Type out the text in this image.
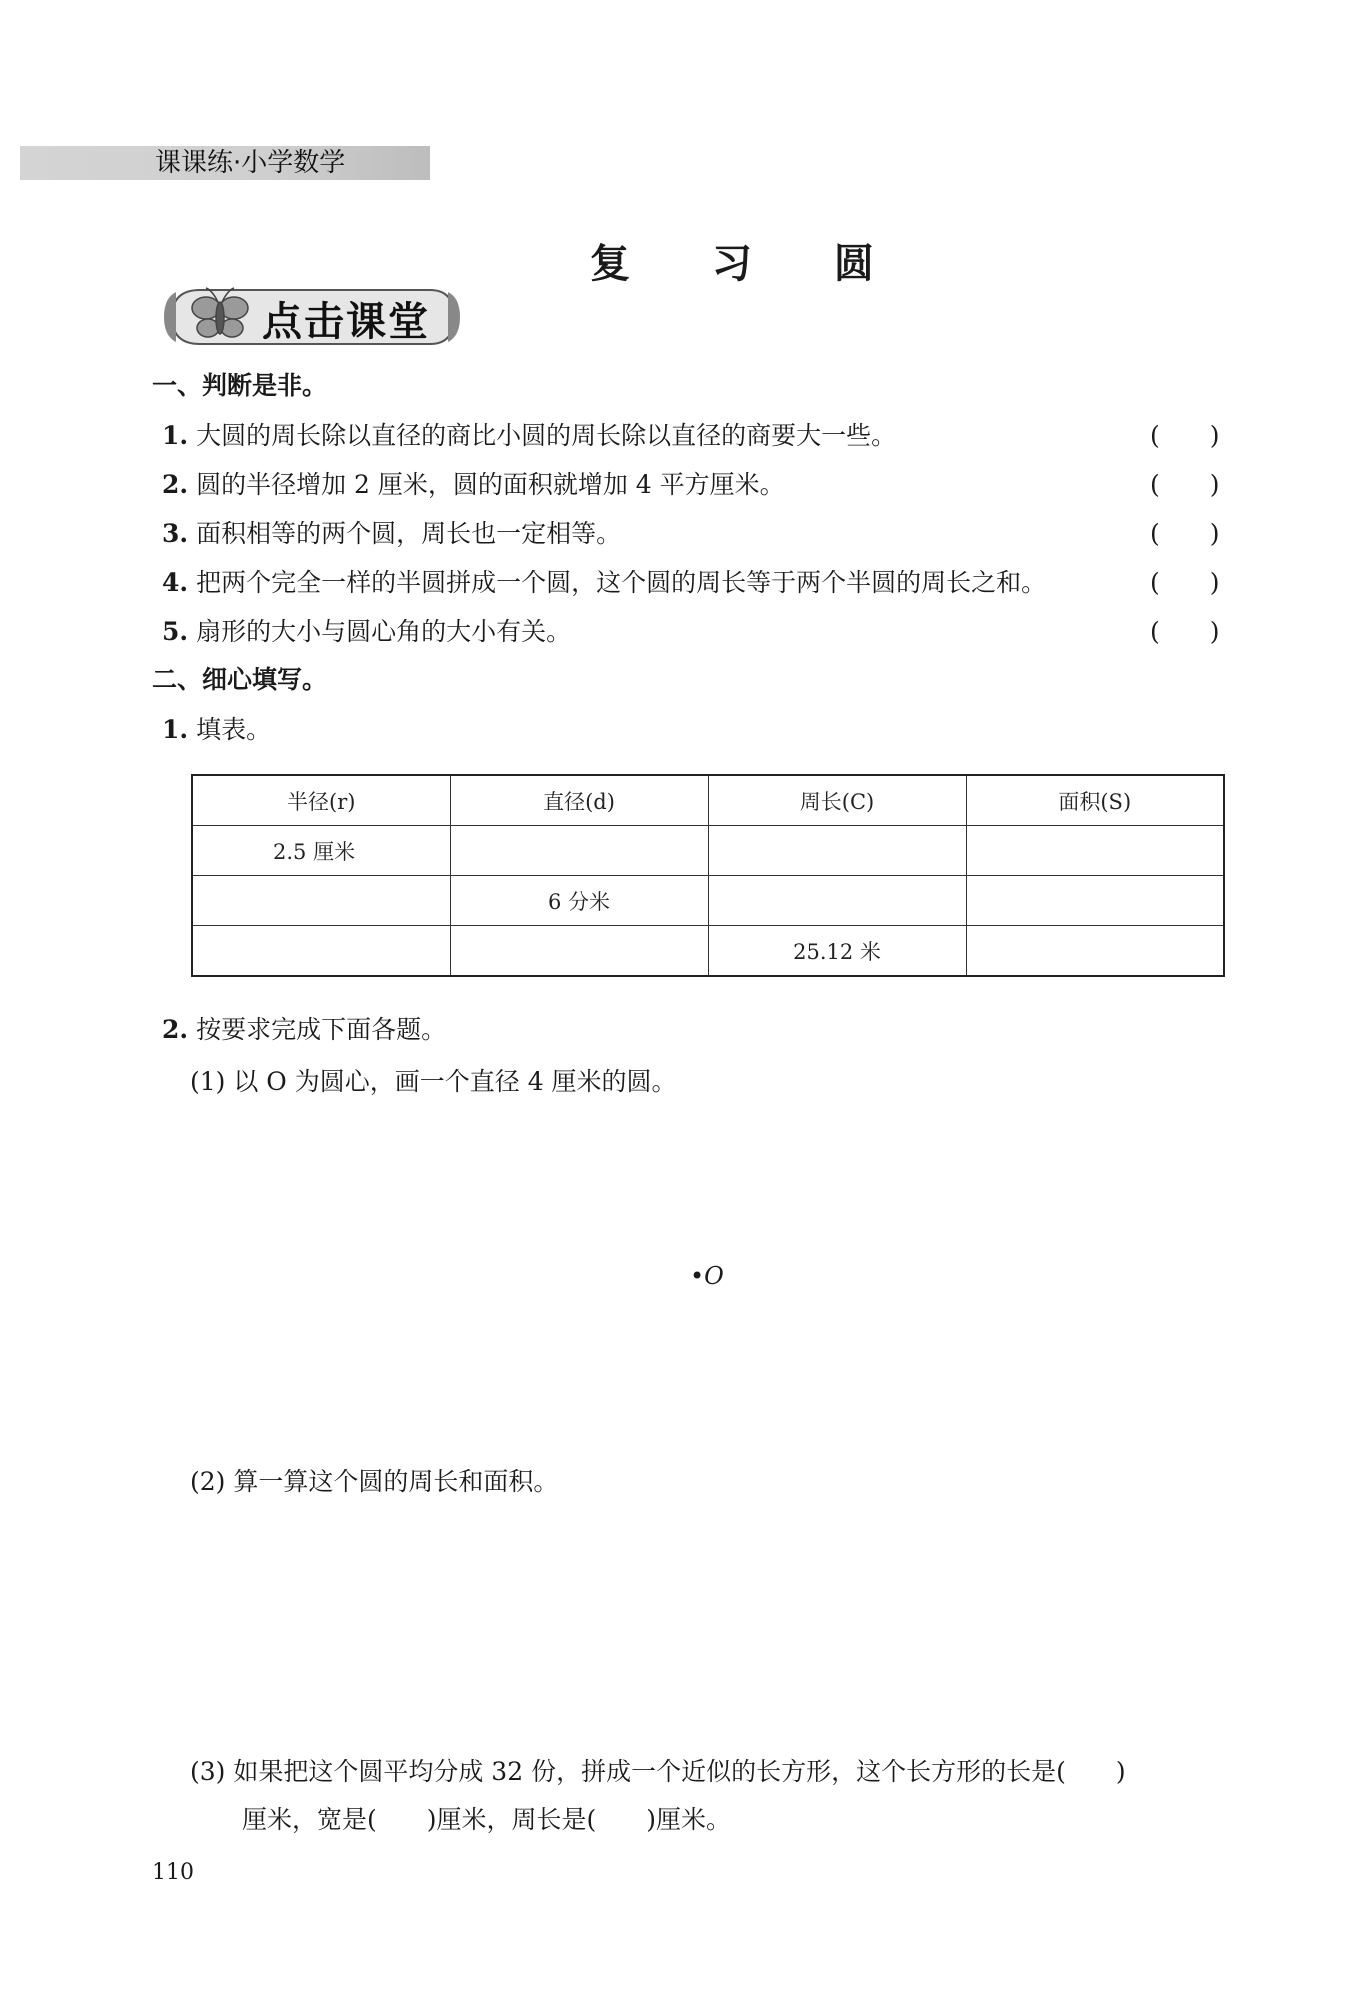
课课练·小学数学
复 习 圆
点击课堂
一、判断是非。
1. 大圆的周长除以直径的商比小圆的周长除以直径的商要大一些。	(　　)
2. 圆的半径增加 2 厘米，圆的面积就增加 4 平方厘米。	(　　)
3. 面积相等的两个圆，周长也一定相等。	(　　)
4. 把两个完全一样的半圆拼成一个圆，这个圆的周长等于两个半圆的周长之和。	(　　)
5. 扇形的大小与圆心角的大小有关。	(　　)
二、细心填写。
1. 填表。
半径(r)	直径(d)	周长(C)	面积(S)
2.5 厘米			
	6 分米		
		25.12 米	
2. 按要求完成下面各题。
(1) 以 O 为圆心，画一个直径 4 厘米的圆。
•O
(2) 算一算这个圆的周长和面积。
(3) 如果把这个圆平均分成 32 份，拼成一个近似的长方形，这个长方形的长是(　　)
厘米，宽是(　　)厘米，周长是(　　)厘米。
110
